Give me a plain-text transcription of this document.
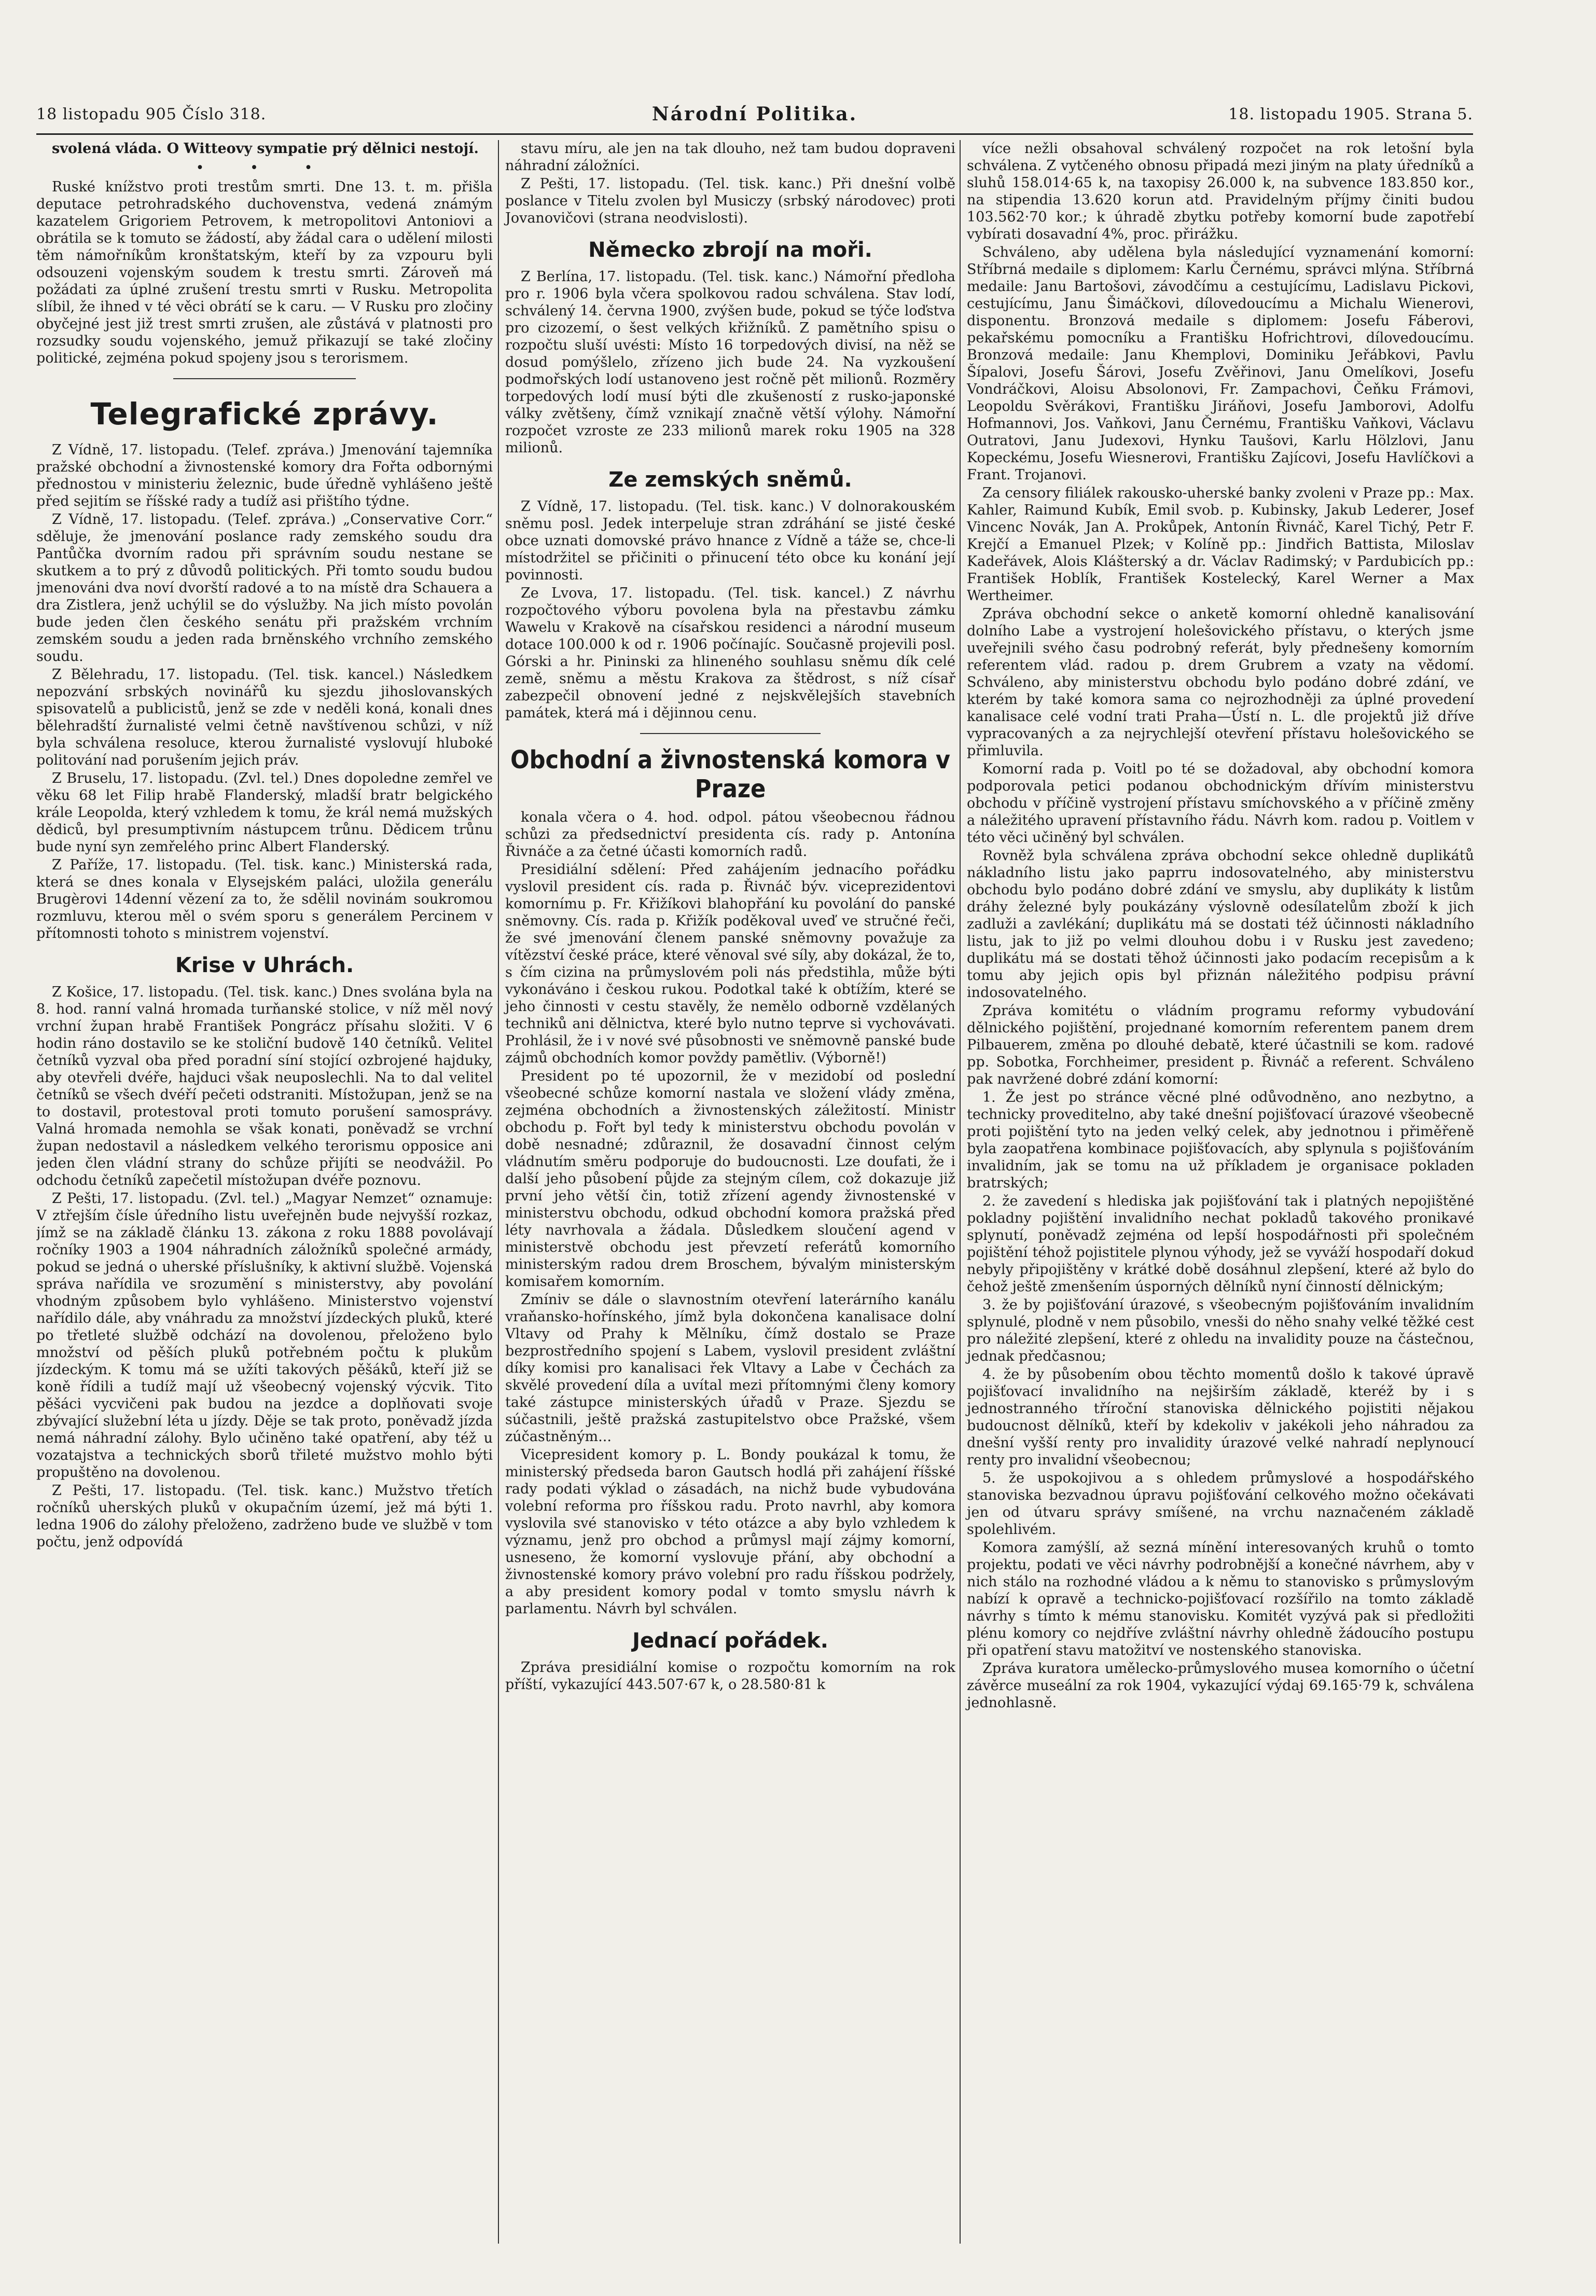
18 listopadu 905 Číslo 318.	Národní Politika.	18. listopadu 1905. Strana 5.

svolená vláda. O Witteovy sympatie prý dělnici nestojí.

• • •

Ruské knížstvo proti trestům smrti. Dne 13. t. m. přišla deputace petrohradského duchovenstva, vedená známým kazatelem Grigoriem Petrovem, k metropolitovi Antoniovi a obrátila se k tomuto se žádostí, aby žádal cara o udělení milosti těm námořníkům kronštatským, kteří by za vzpouru byli odsouzeni vojenským soudem k trestu smrti. Zároveň má požádati za úplné zrušení trestu smrti v Rusku. Metropolita slíbil, že ihned v té věci obrátí se k caru. — V Rusku pro zločiny obyčejné jest již trest smrti zrušen, ale zůstává v platnosti pro rozsudky soudu vojenského, jemuž přikazují se také zločiny politické, zejména pokud spojeny jsou s terorismem.

Telegrafické zprávy.

Z Vídně, 17. listopadu. (Telef. zpráva.) Jmenování tajemníka pražské obchodní a živnostenské komory dra Fořta odbornými přednostou v ministeriu železnic, bude úředně vyhlášeno ještě před sejitím se říšské rady a tudíž asi přištího týdne.

Z Vídně, 17. listopadu. (Telef. zpráva.) „Conservative Corr.“ sděluje, že jmenování poslance rady zemského soudu dra Pantůčka dvorním radou při správním soudu nestane se skutkem a to prý z důvodů politických. Při tomto soudu budou jmenováni dva noví dvorští radové a to na místě dra Schauera a dra Zistlera, jenž uchýlil se do výslužby. Na jich místo povolán bude jeden člen českého senátu při pražském vrchním zemském soudu a jeden rada brněnského vrchního zemského soudu.

Z Bělehradu, 17. listopadu. (Tel. tisk. kancel.) Následkem nepozvání srbských novinářů ku sjezdu jihoslovanských spisovatelů a publicistů, jenž se zde v neděli koná, konali dnes bělehradští žurnalisté velmi četně navštívenou schůzi, v níž byla schválena resoluce, kterou žurnalisté vyslovují hluboké politování nad porušením jejich práv.

Z Bruselu, 17. listopadu. (Zvl. tel.) Dnes dopoledne zemřel ve věku 68 let Filip hrabě Flanderský, mladší bratr belgického krále Leopolda, který vzhledem k tomu, že král nemá mužských dědiců, byl presumptivním nástupcem trůnu. Dědicem trůnu bude nyní syn zemřelého princ Albert Flanderský.

Z Paříže, 17. listopadu. (Tel. tisk. kanc.) Ministerská rada, která se dnes konala v Elysejském paláci, uložila generálu Brugèrovi 14denní vězení za to, že sdělil novinám soukromou rozmluvu, kterou měl o svém sporu s generálem Percinem v přítomnosti tohoto s ministrem vojenství.

Krise v Uhrách.

Z Košice, 17. listopadu. (Tel. tisk. kanc.) Dnes svolána byla na 8. hod. ranní valná hromada turňanské stolice, v níž měl nový vrchní župan hrabě František Pongrácz přísahu složiti. V 6 hodin ráno dostavilo se ke stoliční budově 140 četníků. Velitel četníků vyzval oba před poradní síní stojící ozbrojené hajduky, aby otevřeli dvéře, hajduci však neuposlechli. Na to dal velitel četníků se všech dvéří pečeti odstraniti. Místožupan, jenž se na to dostavil, protestoval proti tomuto porušení samosprávy. Valná hromada nemohla se však konati, poněvadž se vrchní župan nedostavil a následkem velkého terorismu opposice ani jeden člen vládní strany do schůze přijíti se neodvážil. Po odchodu četníků zapečetil místožupan dvéře poznovu.

Z Pešti, 17. listopadu. (Zvl. tel.) „Magyar Nemzet“ oznamuje: V ztřejším čísle úředního listu uveřejněn bude nejvyšší rozkaz, jímž se na základě článku 13. zákona z roku 1888 povolávají ročníky 1903 a 1904 náhradních záložníků společné armády, pokud se jedná o uherské příslušníky, k aktivní službě. Vojenská správa nařídila ve srozumění s ministerstvy, aby povolání vhodným způsobem bylo vyhlášeno. Ministerstvo vojenství nařídilo dále, aby vnáhradu za množství jízdeckých pluků, které po třetleté službě odchází na dovolenou, přeloženo bylo množství od pěších pluků potřebném počtu k plukům jízdeckým. K tomu má se užíti takových pěšáků, kteří již se koně řídili a tudíž mají už všeobecný vojenský výcvik. Tito pěšáci vycvičeni pak budou na jezdce a doplňovati svoje zbývající služební léta u jízdy. Děje se tak proto, poněvadž jízda nemá náhradní zálohy. Bylo učiněno také opatření, aby též u vozatajstva a technických sborů třileté mužstvo mohlo býti propuštěno na dovolenou.

Z Pešti, 17. listopadu. (Tel. tisk. kanc.) Mužstvo třetích ročníků uherských pluků v okupačním území, jež má býti 1. ledna 1906 do zálohy přeloženo, zadrženo bude ve službě v tom počtu, jenž odpovídá

stavu míru, ale jen na tak dlouho, než tam budou dopraveni náhradní záložníci.

Z Pešti, 17. listopadu. (Tel. tisk. kanc.) Při dnešní volbě poslance v Titelu zvolen byl Musiczy (srbský národovec) proti Jovanovičovi (strana neodvislosti).

Německo zbrojí na moři.

Z Berlína, 17. listopadu. (Tel. tisk. kanc.) Námořní předloha pro r. 1906 byla včera spolkovou radou schválena. Stav lodí, schválený 14. června 1900, zvýšen bude, pokud se týče loďstva pro cizozemí, o šest velkých křižníků. Z pamětního spisu o rozpočtu sluší uvésti: Místo 16 torpedových divisí, na něž se dosud pomýšlelo, zřízeno jich bude 24. Na vyzkoušení podmořských lodí ustanoveno jest ročně pět milionů. Rozměry torpedových lodí musí býti dle zkušeností z rusko-japonské války zvětšeny, čímž vznikají značně větší výlohy. Námořní rozpočet vzroste ze 233 milionů marek roku 1905 na 328 milionů.

Ze zemských sněmů.

Z Vídně, 17. listopadu. (Tel. tisk. kanc.) V dolnorakouském sněmu posl. Jedek interpeluje stran zdráhání se jisté české obce uznati domovské právo hnance z Vídně a táže se, chce-li místodržitel se přičiniti o přinucení této obce ku konání její povinnosti.

Ze Lvova, 17. listopadu. (Tel. tisk. kancel.) Z návrhu rozpočtového výboru povolena byla na přestavbu zámku Wawelu v Krakově na císařskou residenci a národní museum dotace 100.000 k od r. 1906 počínajíc. Současně projevili posl. Górski a hr. Pininski za hlineného souhlasu sněmu dík celé země, sněmu a městu Krakova za štědrost, s níž císař zabezpečil obnovení jedné z nejskvělejších stavebních památek, která má i dějinnou cenu.

Obchodní a živnostenská komora v Praze

konala včera o 4. hod. odpol. pátou všeobecnou řádnou schůzi za předsednictví presidenta cís. rady p. Antonína Řivnáče a za četné účasti komorních radů.

Presidiální sdělení: Před zahájením jednacího pořádku vyslovil president cís. rada p. Řivnáč býv. viceprezidentovi komornímu p. Fr. Křižíkovi blahopřání ku povolání do panské sněmovny. Cís. rada p. Křižík poděkoval uveď ve stručné řeči, že své jmenování členem panské sněmovny považuje za vítězství české práce, které věnoval své síly, aby dokázal, že to, s čím cizina na průmyslovém poli nás předstihla, může býti vykonáváno i českou rukou. Podotkal také k obtížím, které se jeho činnosti v cestu stavěly, že nemělo odborně vzdělaných techniků ani dělnictva, které bylo nutno teprve si vychovávati. Prohlásil, že i v nové své působnosti ve sněmovně panské bude zájmů obchodních komor povždy pamětliv. (Výborně!)

President po té upozornil, že v mezidobí od poslední všeobecné schůze komorní nastala ve složení vlády změna, zejména obchodních a živnostenských záležitostí. Ministr obchodu p. Fořt byl tedy k ministerstvu obchodu povolán v době nesnadné; zdůraznil, že dosavadní činnost celým vládnutím směru podporuje do budoucnosti. Lze doufati, že i další jeho působení půjde za stejným cílem, což dokazuje již první jeho větší čin, totiž zřízení agendy živnostenské v ministerstvu obchodu, odkud obchodní komora pražská před léty navrhovala a žádala. Důsledkem sloučení agend v ministerstvě obchodu jest převzetí referátů komorního ministerským radou drem Broschem, bývalým ministerským komisařem komorním.

Zmíniv se dále o slavnostním otevření laterárního kanálu vraňansko-hořínského, jímž byla dokončena kanalisace dolní Vltavy od Prahy k Mělníku, čímž dostalo se Praze bezprostředního spojení s Labem, vyslovil president zvláštní díky komisi pro kanalisaci řek Vltavy a Labe v Čechách za skvělé provedení díla a uvítal mezi přítomnými členy komory také zástupce ministerských úřadů v Praze. Sjezdu se súčastnili, ještě pražská zastupitelstvo obce Pražské, všem zúčastněným...

Vicepresident komory p. L. Bondy poukázal k tomu, že ministerský předseda baron Gautsch hodlá při zahájení říšské rady podati výklad o zásadách, na nichž bude vybudována volební reforma pro říšskou radu. Proto navrhl, aby komora vyslovila své stanovisko v této otázce a aby bylo vzhledem k významu, jenž pro obchod a průmysl mají zájmy komorní, usneseno, že komorní vyslovuje přání, aby obchodní a živnostenské komory právo volební pro radu říšskou podržely, a aby president komory podal v tomto smyslu návrh k parlamentu. Návrh byl schválen.

Jednací pořádek.

Zpráva presidiální komise o rozpočtu komorním na rok příští, vykazující 443.507·67 k, o 28.580·81 k

více nežli obsahoval schválený rozpočet na rok letošní byla schválena. Z vytčeného obnosu připadá mezi jiným na platy úředníků a sluhů 158.014·65 k, na taxopisy 26.000 k, na subvence 183.850 kor., na stipendia 13.620 korun atd. Pravidelným příjmy činiti budou 103.562·70 kor.; k úhradě zbytku potřeby komorní bude zapotřebí vybírati dosavadní 4%, proc. přirážku.

Schváleno, aby udělena byla následující vyznamenání komorní: Stříbrná medaile s diplomem: Karlu Černému, správci mlýna. Stříbrná medaile: Janu Bartošovi, závodčímu a cestujícímu, Ladislavu Pickovi, cestujícímu, Janu Šimáčkovi, dílovedoucímu a Michalu Wienerovi, disponentu. Bronzová medaile s diplomem: Josefu Fáberovi, pekařskému pomocníku a Františku Hofrichtrovi, dílovedoucímu. Bronzová medaile: Janu Khemplovi, Dominiku Jeřábkovi, Pavlu Šípalovi, Josefu Šárovi, Josefu Zvěřinovi, Janu Omelíkovi, Josefu Vondráčkovi, Aloisu Absolonovi, Fr. Zampachovi, Čeňku Frámovi, Leopoldu Svěrákovi, Františku Jiráňovi, Josefu Jamborovi, Adolfu Hofmannovi, Jos. Vaňkovi, Janu Černému, Františku Vaňkovi, Václavu Outratovi, Janu Judexovi, Hynku Taušovi, Karlu Hölzlovi, Janu Kopeckému, Josefu Wiesnerovi, Františku Zajícovi, Josefu Havlíčkovi a Frant. Trojanovi.

Za censory filiálek rakousko-uherské banky zvoleni v Praze pp.: Max. Kahler, Raimund Kubík, Emil svob. p. Kubinsky, Jakub Lederer, Josef Vincenc Novák, Jan A. Prokůpek, Antonín Řivnáč, Karel Tichý, Petr F. Krejčí a Emanuel Plzek; v Kolíně pp.: Jindřich Battista, Miloslav Kadeřávek, Alois Klášterský a dr. Václav Radimský; v Pardubicích pp.: František Hoblík, František Kostelecký, Karel Werner a Max Wertheimer.

Zpráva obchodní sekce o anketě komorní ohledně kanalisování dolního Labe a vystrojení holešovického přístavu, o kterých jsme uveřejnili svého času podrobný referát, byly přednešeny komorním referentem vlád. radou p. drem Grubrem a vzaty na vědomí. Schváleno, aby ministerstvu obchodu bylo podáno dobré zdání, ve kterém by také komora sama co nejrozhodněji za úplné provedení kanalisace celé vodní trati Praha—Ústí n. L. dle projektů již dříve vypracovaných a za nejrychlejší otevření přístavu holešovického se přimluvila.

Komorní rada p. Voitl po té se dožadoval, aby obchodní komora podporovala petici podanou obchodnickým dřívím ministerstvu obchodu v příčině vystrojení přístavu smíchovského a v příčině změny a náležitého upravení přístavního řádu. Návrh kom. radou p. Voitlem v této věci učiněný byl schválen.

Rovněž byla schválena zpráva obchodní sekce ohledně duplikátů nákladního listu jako paprru indosovatelného, aby ministerstvu obchodu bylo podáno dobré zdání ve smyslu, aby duplikáty k listům dráhy železné byly poukázány výslovně odesílatelům zboží k jich zadluži a zavlékání; duplikátu má se dostati též účinnosti nákladního listu, jak to již po velmi dlouhou dobu i v Rusku jest zavedeno; duplikátu má se dostati těhož účinnosti jako podacím recepisům a k tomu aby jejich opis byl přiznán náležitého podpisu právní indosovatelného.

Zpráva komitétu o vládním programu reformy vybudování dělnického pojištění, projednané komorním referentem panem drem Pilbauerem, změna po dlouhé debatě, které účastnili se kom. radové pp. Sobotka, Forchheimer, president p. Řivnáč a referent. Schváleno pak navržené dobré zdání komorní:

1. Že jest po stránce věcné plné odůvodněno, ano nezbytno, a technicky proveditelno, aby také dnešní pojišťovací úrazové všeobecně proti pojištění tyto na jeden velký celek, aby jednotnou i přiměřeně byla zaopatřena kombinace pojišťovacích, aby splynula s pojišťováním invalidním, jak se tomu na už příkladem je organisace pokladen bratrských;

2. že zavedení s hlediska jak pojišťování tak i platných nepojištěné pokladny pojištění invalidního nechat pokladů takového pronikavé splynutí, poněvadž zejména od lepší hospodářnosti při společném pojištění téhož pojistitele plynou výhody, jež se vyváží hospodaří dokud nebyly připojištěny v krátké době dosáhnul zlepšení, které až bylo do čehož ještě zmenšením úsporných dělníků nyní činností dělnickým;

3. že by pojišťování úrazové, s všeobecným pojišťováním invalidním splynulé, plodně v nem působilo, vnesši do něho snahy velké těžké cest pro náležité zlepšení, které z ohledu na invalidity pouze na částečnou, jednak předčasnou;

4. že by působením obou těchto momentů došlo k takové úpravě pojišťovací invalidního na nejširším základě, kteréž by i s jednostranného tříroční stanoviska dělnického pojistiti nějakou budoucnost dělníků, kteří by kdekoliv v jakékoli jeho náhradou za dnešní vyšší renty pro invalidity úrazové velké nahradí neplynoucí renty pro invalidní všeobecnou;

5. že uspokojivou a s ohledem průmyslové a hospodářského stanoviska bezvadnou úpravu pojišťování celkového možno očekávati jen od útvaru správy smíšené, na vrchu naznačeném základě spolehlivém.

Komora zamýšlí, až sezná mínění interesovaných kruhů o tomto projektu, podati ve věci návrhy podrobnější a konečné návrhem, aby v nich stálo na rozhodné vládou a k němu to stanovisko s průmyslovým nabízí k opravě a technicko-pojišťovací rozšířilo na tomto základě návrhy s tímto k mému stanovisku. Komitét vyzývá pak si předložiti plénu komory co nejdříve zvláštní návrhy ohledně žádoucího postupu při opatření stavu matožitví ve nostenského stanoviska.

Zpráva kuratora umělecko-průmyslového musea komorního o účetní závěrce museální za rok 1904, vykazující výdaj 69.165·79 k, schválena jednohlasně.
